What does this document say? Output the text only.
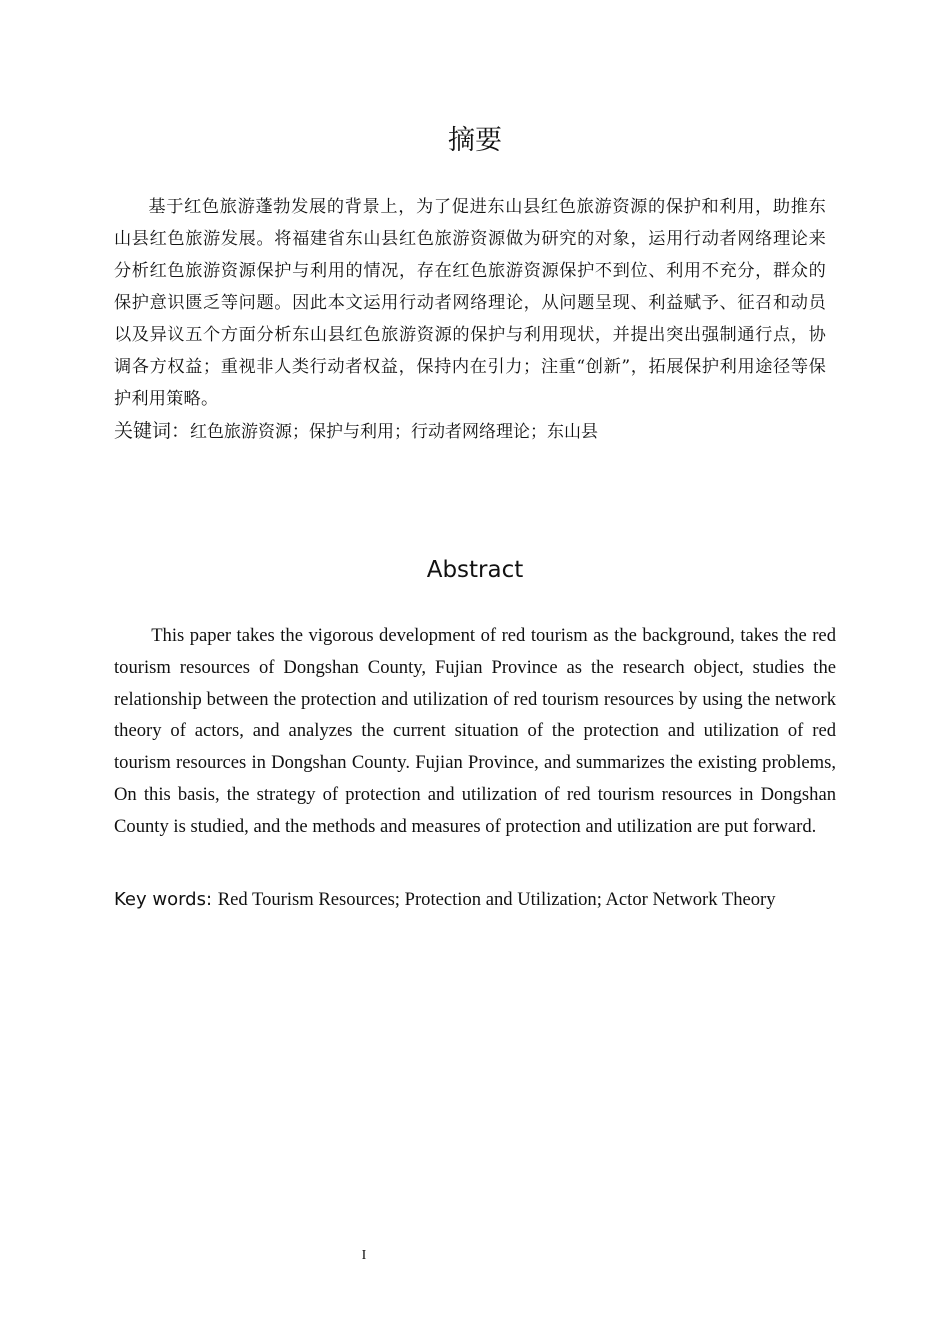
摘要

基于红色旅游蓬勃发展的背景上，为了促进东山县红色旅游资源的保护和利用，助推东山县红色旅游发展。将福建省东山县红色旅游资源做为研究的对象，运用行动者网络理论来分析红色旅游资源保护与利用的情况，存在红色旅游资源保护不到位、利用不充分，群众的保护意识匮乏等问题。因此本文运用行动者网络理论，从问题呈现、利益赋予、征召和动员以及异议五个方面分析东山县红色旅游资源的保护与利用现状，并提出突出强制通行点，协调各方权益；重视非人类行动者权益，保持内在引力；注重“创新”，拓展保护利用途径等保护利用策略。

关键词：红色旅游资源；保护与利用；行动者网络理论；东山县

Abstract

This paper takes the vigorous development of red tourism as the background, takes the red tourism resources of Dongshan County, Fujian Province as the research object, studies the relationship between the protection and utilization of red tourism resources by using the network theory of actors, and analyzes the current situation of the protection and utilization of red tourism resources in Dongshan County. Fujian Province, and summarizes the existing problems, On this basis, the strategy of protection and utilization of red tourism resources in Dongshan County is studied, and the methods and measures of protection and utilization are put forward.

Key words: Red Tourism Resources; Protection and Utilization; Actor Network Theory

I
